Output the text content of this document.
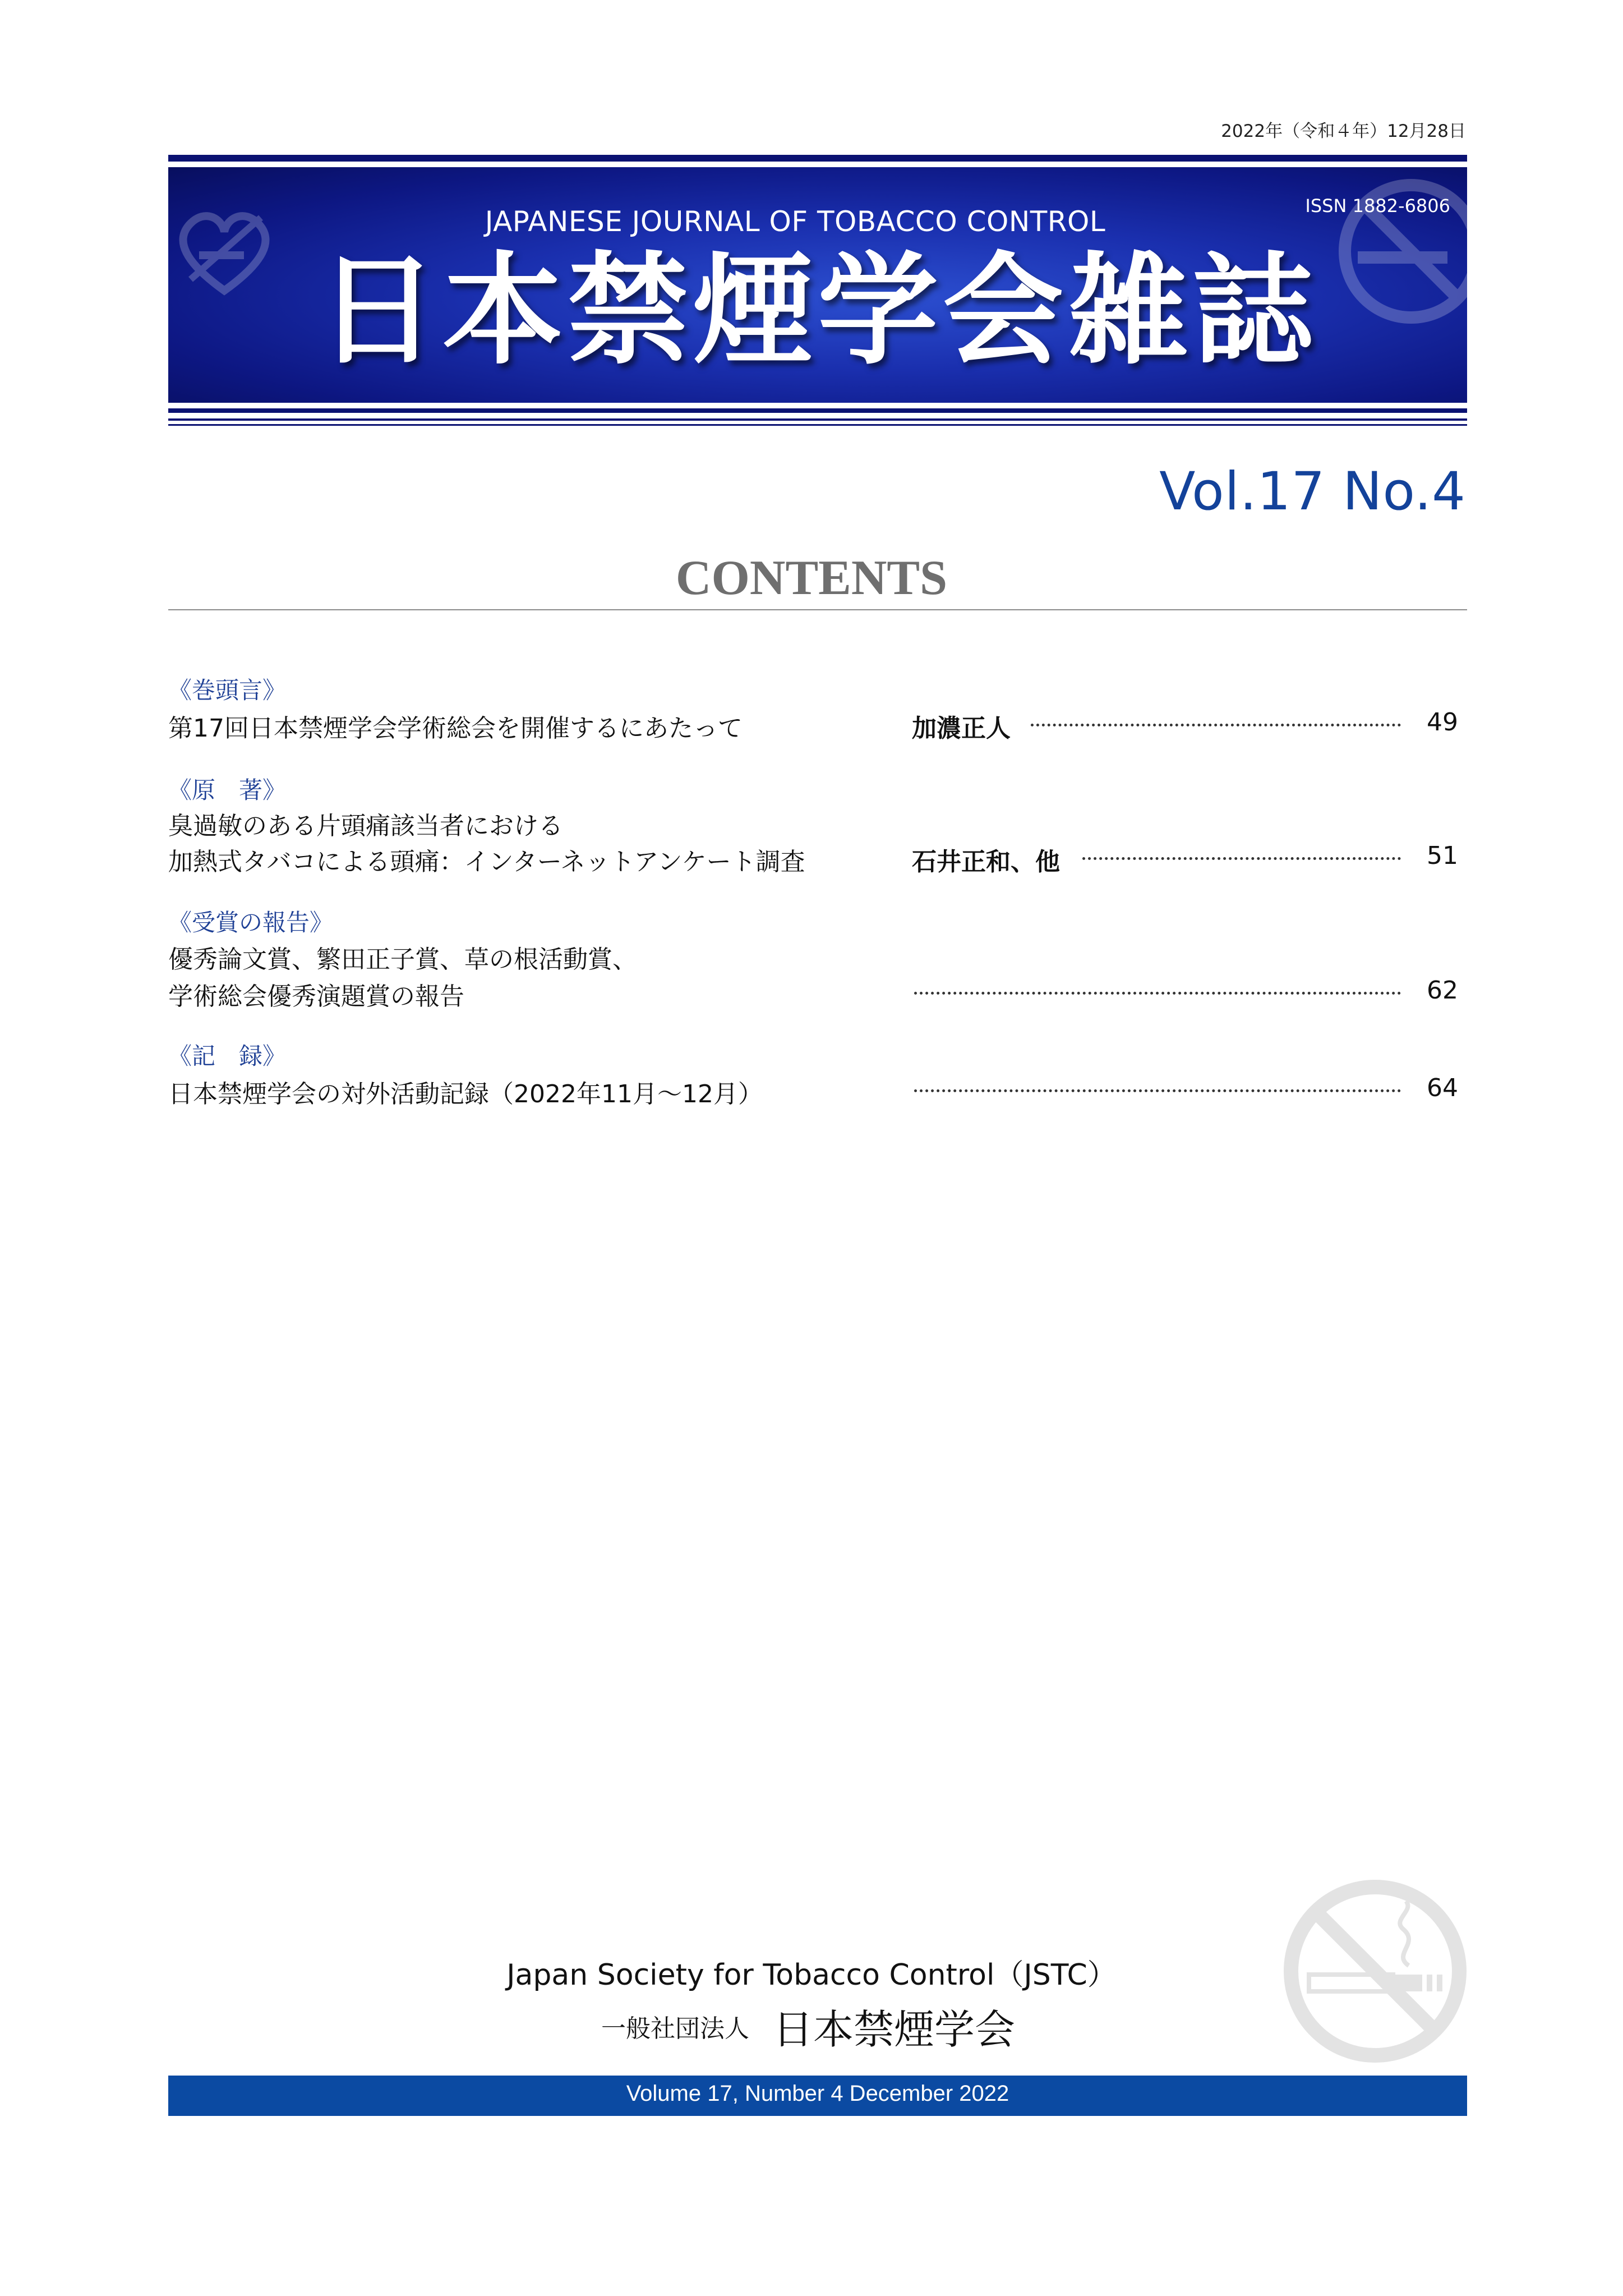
2022年（令和４年）12月28日
JAPANESE JOURNAL OF TOBACCO CONTROL
日本禁煙学会雑誌
ISSN 1882-6806
Vol.17 No.4
CONTENTS
《巻頭言》
第17回日本禁煙学会学術総会を開催するにあたって	加濃正人	49
《原　著》
臭過敏のある片頭痛該当者における
加熱式タバコによる頭痛：インターネットアンケート調査	石井正和、他	51
《受賞の報告》
優秀論文賞、繁田正子賞、草の根活動賞、
学術総会優秀演題賞の報告	62
《記　録》
日本禁煙学会の対外活動記録（2022年11月～12月）	64
Japan Society for Tobacco Control（JSTC）
一般社団法人 日本禁煙学会
Volume 17, Number 4 December 2022
